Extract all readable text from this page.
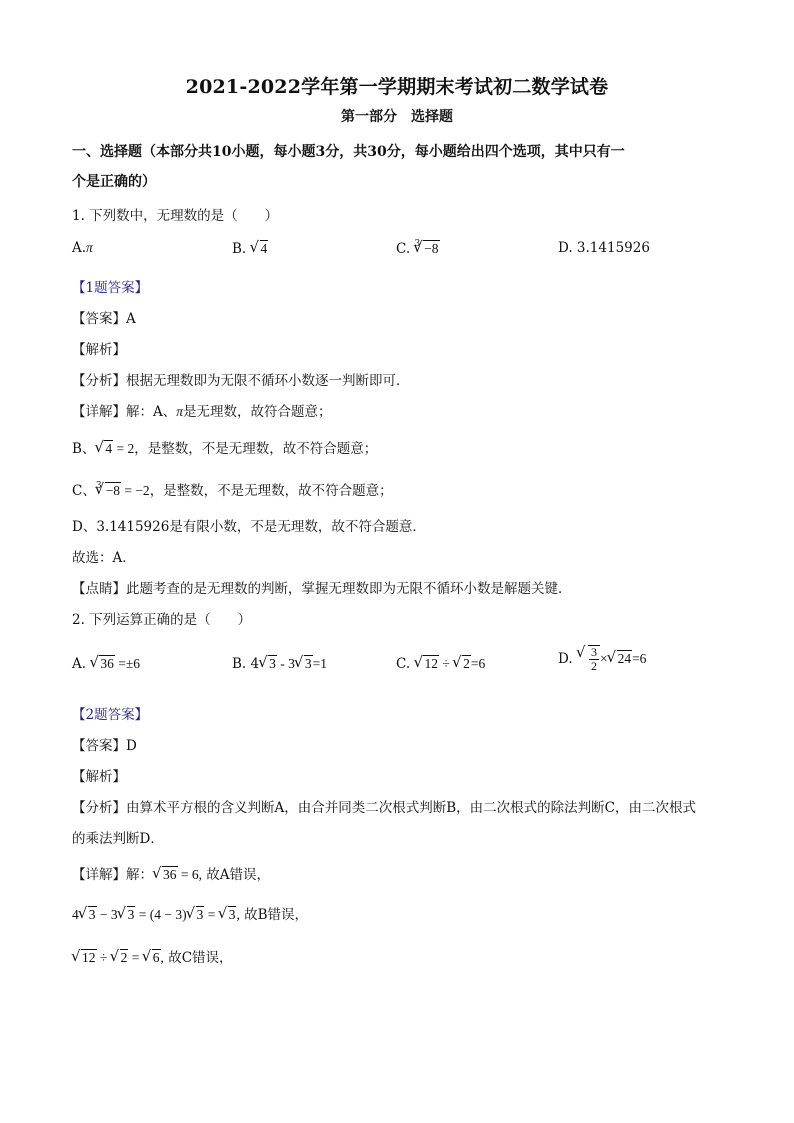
2021-2022学年第一学期期末考试初二数学试卷
第一部分　选择题
一、选择题（本部分共10小题，每小题3分，共30分，每小题给出四个选项，其中只有一
个是正确的）
1. 下列数中，无理数的是（　　）
A.π	B. √ 4	C. $^3$ √ −8	D. 3.1415926
【1题答案】
【答案】A
【解析】
【分析】根据无理数即为无限不循环小数逐一判断即可．
【详解】解：A、π是无理数，故符合题意；
B、 √ 4 = 2，是整数，不是无理数，故不符合题意；
C、$^3$ √ −8 = −2，是整数，不是无理数，故不符合题意；
D、3.1415926是有限小数，不是无理数，故不符合题意．
故选：A．
【点睛】此题考查的是无理数的判断，掌握无理数即为无限不循环小数是解题关键．
2. 下列运算正确的是（　　）
A. √ 36 =±6	B. 4 √ 3 - 3 √ 3=1	C. √ 12 ÷ √ 2=6	D. √ $\frac{3}{2}$ × √ 24=6
【2题答案】
【答案】D
【解析】
【分析】由算术平方根的含义判断A，由合并同类二次根式判断B，由二次根式的除法判断C，由二次根式
的乘法判断D．
【详解】解： √ 36 = 6, 故A错误，
4 √ 3 − 3 √ 3 = (4 − 3) √ 3 = √ 3, 故B错误，
√ 12 ÷ √ 2 = √ 6, 故C错误，
